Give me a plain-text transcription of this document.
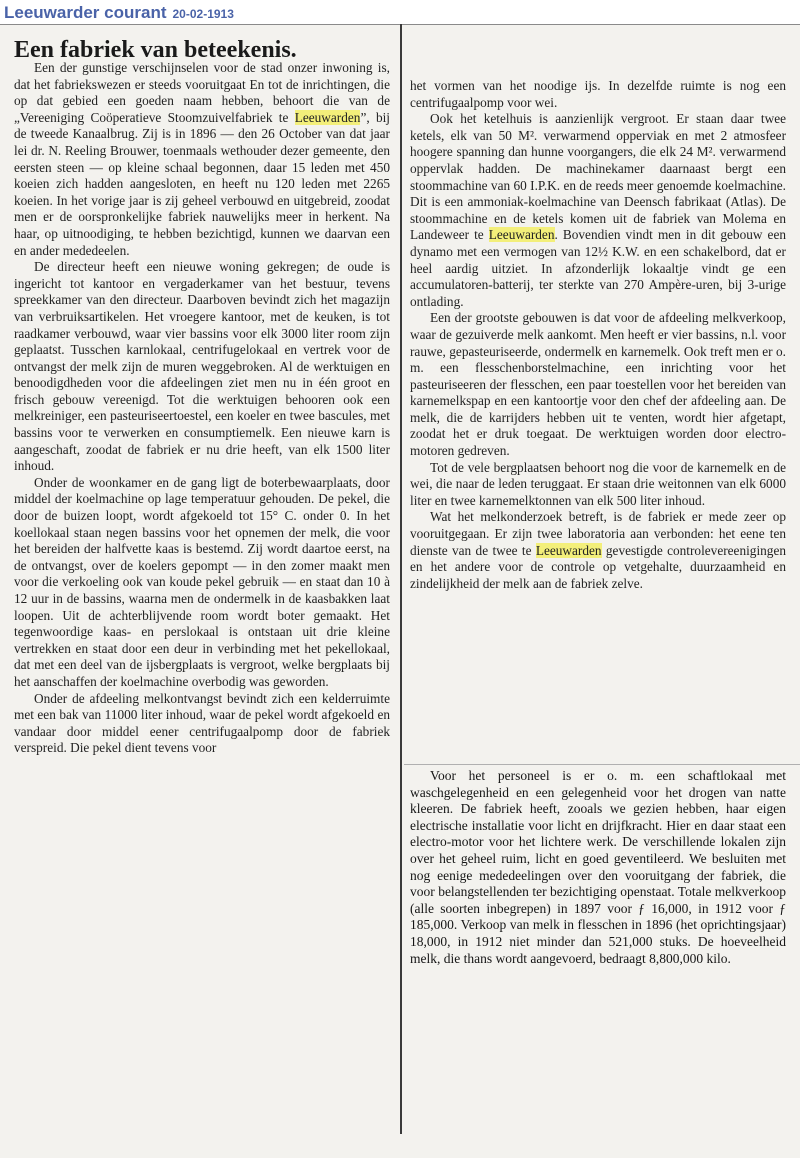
Leeuwarder courant 20-02-1913
Een fabriek van beteekenis.

Een der gunstige verschijnselen voor de stad onzer inwoning is, dat het fabriekswezen er steeds vooruitgaat En tot de inrichtingen, die op dat gebied een goeden naam hebben, behoort die van de „Vereeniging Coöperatieve Stoomzuivelfabriek te Leeuwarden”, bij de tweede Kanaalbrug. Zij is in 1896 — den 26 October van dat jaar lei dr. N. Reeling Brouwer, toenmaals wethouder dezer gemeente, den eersten steen — op kleine schaal begonnen, daar 15 leden met 450 koeien zich hadden aangesloten, en heeft nu 120 leden met 2265 koeien. In het vorige jaar is zij geheel verbouwd en uitgebreid, zoodat men er de oorspronkelijke fabriek nauwelijks meer in herkent. Na haar, op uitnoodiging, te hebben bezichtigd, kunnen we daarvan een en ander mededeelen.

De directeur heeft een nieuwe woning gekregen; de oude is ingericht tot kantoor en vergaderkamer van het bestuur, tevens spreekkamer van den directeur. Daarboven bevindt zich het magazijn van verbruiksartikelen. Het vroegere kantoor, met de keuken, is tot raadkamer verbouwd, waar vier bassins voor elk 3000 liter room zijn geplaatst. Tusschen karnlokaal, centrifugelokaal en vertrek voor de ontvangst der melk zijn de muren weggebroken. Al de werktuigen en benoodigdheden voor die afdeelingen ziet men nu in één groot en frisch gebouw vereenigd. Tot die werktuigen behooren ook een melkreiniger, een pasteuriseertoestel, een koeler en twee bascules, met bassins voor te verwerken en consumptiemelk. Een nieuwe karn is aangeschaft, zoodat de fabriek er nu drie heeft, van elk 1500 liter inhoud.

Onder de woonkamer en de gang ligt de boterbewaarplaats, door middel der koelmachine op lage temperatuur gehouden. De pekel, die door de buizen loopt, wordt afgekoeld tot 15° C. onder 0. In het koellokaal staan negen bassins voor het opnemen der melk, die voor het bereiden der halfvette kaas is bestemd. Zij wordt daartoe eerst, na de ontvangst, over de koelers gepompt — in den zomer maakt men voor die verkoeling ook van koude pekel gebruik — en staat dan 10 à 12 uur in de bassins, waarna men de ondermelk in de kaasbakken laat loopen. Uit de achterblijvende room wordt boter gemaakt. Het tegenwoordige kaas- en perslokaal is ontstaan uit drie kleine vertrekken en staat door een deur in verbinding met het pekellokaal, dat met een deel van de ijsbergplaats is vergroot, welke bergplaats bij het aanschaffen der koelmachine overbodig was geworden.

Onder de afdeeling melkontvangst bevindt zich een kelderruimte met een bak van 11000 liter inhoud, waar de pekel wordt afgekoeld en vandaar door middel eener centrifugaalpomp door de fabriek verspreid. Die pekel dient tevens voor

het vormen van het noodige ijs. In dezelfde ruimte is nog een centrifugaalpomp voor wei.

Ook het ketelhuis is aanzienlijk vergroot. Er staan daar twee ketels, elk van 50 M². verwarmend opperviak en met 2 atmosfeer hoogere spanning dan hunne voorgangers, die elk 24 M². verwarmend oppervlak hadden. De machinekamer daarnaast bergt een stoommachine van 60 I.P.K. en de reeds meer genoemde koelmachine. Dit is een ammoniak-koelmachine van Deensch fabrikaat (Atlas). De stoommachine en de ketels komen uit de fabriek van Molema en Landeweer te Leeuwarden. Bovendien vindt men in dit gebouw een dynamo met een vermogen van 12½ K.W. en een schakelbord, dat er heel aardig uitziet. In afzonderlijk lokaaltje vindt ge een accumulatoren-batterij, ter sterkte van 270 Ampère-uren, bij 3-urige ontlading.

Een der grootste gebouwen is dat voor de afdeeling melkverkoop, waar de gezuiverde melk aankomt. Men heeft er vier bassins, n.l. voor rauwe, gepasteuriseerde, ondermelk en karnemelk. Ook treft men er o. m. een flesschenborstelmachine, een inrichting voor het pasteuriseeren der flesschen, een paar toestellen voor het bereiden van karnemelkspap en een kantoortje voor den chef der afdeeling aan. De melk, die de karrijders hebben uit te venten, wordt hier afgetapt, zoodat het er druk toegaat. De werktuigen worden door electro-motoren gedreven.

Tot de vele bergplaatsen behoort nog die voor de karnemelk en de wei, die naar de leden teruggaat. Er staan drie weitonnen van elk 6000 liter en twee karnemelktonnen van elk 500 liter inhoud.

Wat het melkonderzoek betreft, is de fabriek er mede zeer op vooruitgegaan. Er zijn twee laboratoria aan verbonden: het eene ten dienste van de twee te Leeuwarden gevestigde controlevereenigingen en het andere voor de controle op vetgehalte, duurzaamheid en zindelijkheid der melk aan de fabriek zelve.

Voor het personeel is er o. m. een schaftlokaal met waschgelegenheid en een gelegenheid voor het drogen van natte kleeren. De fabriek heeft, zooals we gezien hebben, haar eigen electrische installatie voor licht en drijfkracht. Hier en daar staat een electro-motor voor het lichtere werk. De verschillende lokalen zijn over het geheel ruim, licht en goed geventileerd. We besluiten met nog eenige mededeelingen over den vooruitgang der fabriek, die voor belangstellenden ter bezichtiging openstaat. Totale melkverkoop (alle soorten inbegrepen) in 1897 voor ƒ 16,000, in 1912 voor ƒ 185,000. Verkoop van melk in flesschen in 1896 (het oprichtingsjaar) 18,000, in 1912 niet minder dan 521,000 stuks. De hoeveelheid melk, die thans wordt aangevoerd, bedraagt 8,800,000 kilo.
